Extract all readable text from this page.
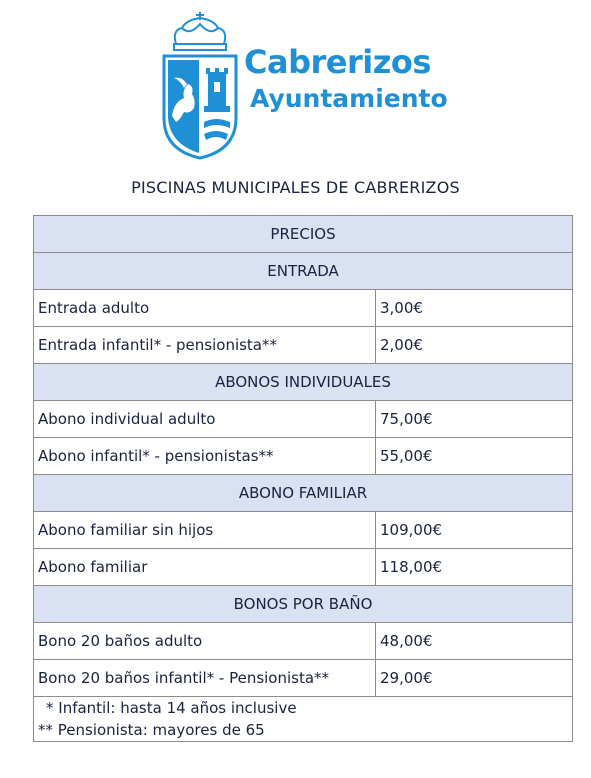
Cabrerizos
Ayuntamiento
PISCINAS MUNICIPALES DE CABRERIZOS
PRECIOS	
ENTRADA	
Entrada adulto	3,00€
Entrada infantil* - pensionista**	2,00€
ABONOS INDIVIDUALES	
Abono individual adulto	75,00€
Abono infantil* - pensionistas**	55,00€
ABONO FAMILIAR	
Abono familiar sin hijos	109,00€
Abono familiar	118,00€
BONOS POR BAÑO	
Bono 20 baños adulto	48,00€
Bono 20 baños infantil* - Pensionista**	29,00€

* Infantil: hasta 14 años inclusive
** Pensionista: mayores de 65	
